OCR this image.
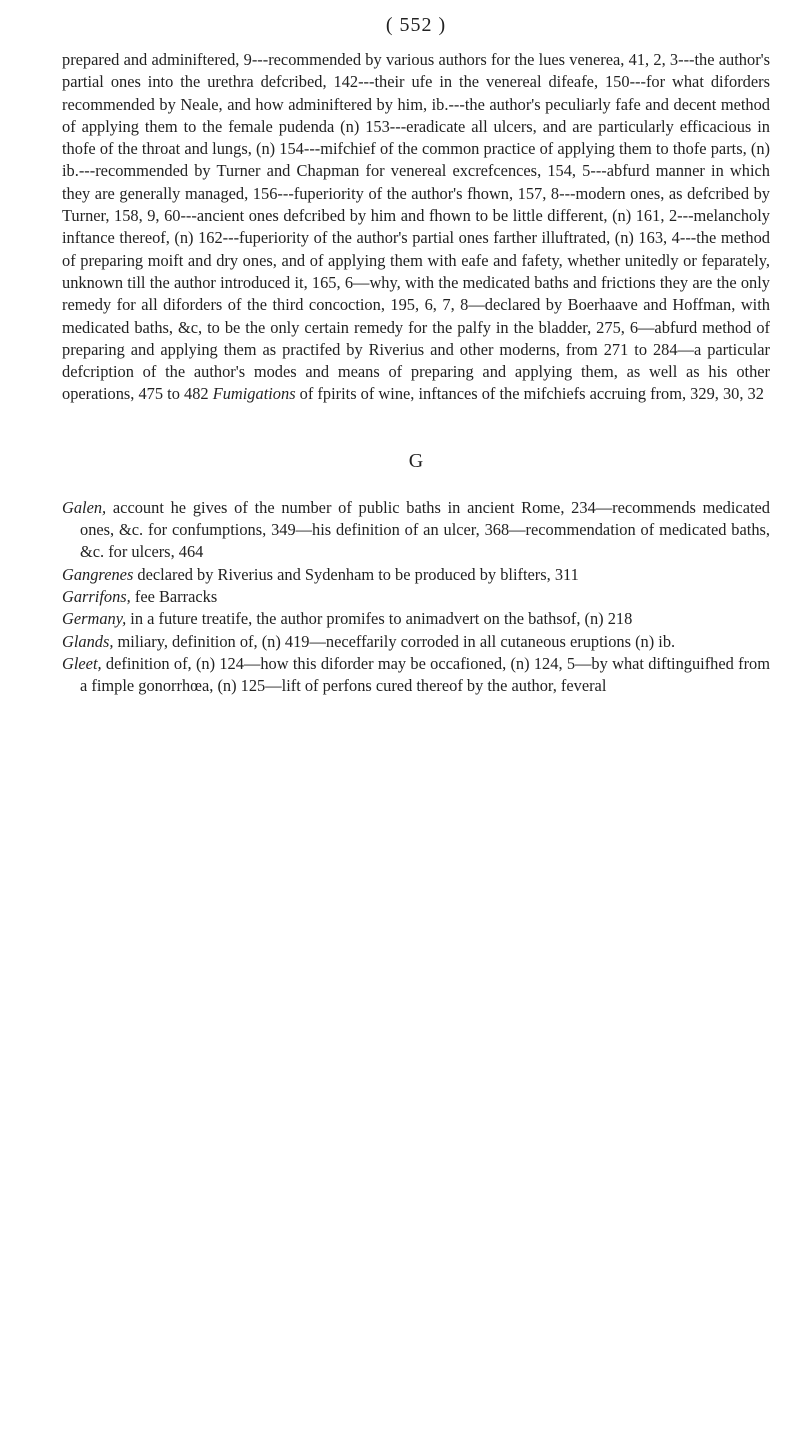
( 552 )

prepared and adminiftered, 9---recommended by various authors for the lues venerea, 41, 2, 3---the author's partial ones into the urethra defcribed, 142---their ufe in the venereal difeafe, 150---for what diforders recommended by Neale, and how adminiftered by him, ib.---the author's peculiarly fafe and decent method of applying them to the female pudenda (n) 153---eradicate all ulcers, and are particularly efficacious in thofe of the throat and lungs, (n) 154---mifchief of the common practice of applying them to thofe parts, (n) ib.---recommended by Turner and Chapman for venereal excrefcences, 154, 5---abfurd manner in which they are generally managed, 156---fuperiority of the author's fhown, 157, 8---modern ones, as defcribed by Turner, 158, 9, 60---ancient ones defcribed by him and fhown to be little different, (n) 161, 2---melancholy inftance thereof, (n) 162---fuperiority of the author's partial ones farther illuftrated, (n) 163, 4---the method of preparing moift and dry ones, and of applying them with eafe and fafety, whether unitedly or feparately, unknown till the author introduced it, 165, 6—why, with the medicated baths and frictions they are the only remedy for all diforders of the third concoction, 195, 6, 7, 8—declared by Boerhaave and Hoffman, with medicated baths, &c, to be the only certain remedy for the palfy in the bladder, 275, 6—abfurd method of preparing and applying them as practifed by Riverius and other moderns, from 271 to 284—a particular defcription of the author's modes and means of preparing and applying them, as well as his other operations, 475 to 482 Fumigations of fpirits of wine, inftances of the mifchiefs accruing from, 329, 30, 32

G

Galen, account he gives of the number of public baths in ancient Rome, 234—recommends medicated ones, &c. for confumptions, 349—his definition of an ulcer, 368—recommendation of medicated baths, &c. for ulcers, 464

Gangrenes declared by Riverius and Sydenham to be produced by blifters, 311

Garrifons, fee Barracks

Germany, in a future treatife, the author promifes to animadvert on the bathsof, (n) 218

Glands, miliary, definition of, (n) 419—neceffarily corroded in all cutaneous eruptions (n) ib.

Gleet, definition of, (n) 124—how this diforder may be occafioned, (n) 124, 5—by what diftinguifhed from a fimple gonorrhœa, (n) 125—lift of perfons cured thereof by the author, feveral
